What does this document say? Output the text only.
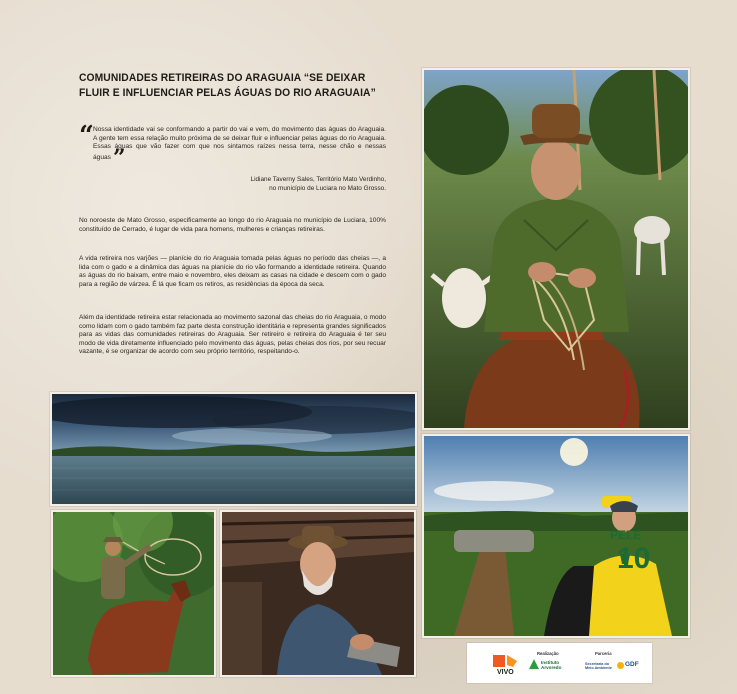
COMUNIDADES RETIREIRAS DO ARAGUAIA “SE DEIXAR FLUIR E INFLUENCIAR PELAS ÁGUAS DO RIO ARAGUAIA”
“ Nossa identidade vai se conformando a partir do vai e vem, do movimento das águas do Araguaia. A gente tem essa relação muito próxima de se deixar fluir e influenciar pelas águas do rio Araguaia. Essas águas que vão fazer com que nos sintamos raízes nessa terra, nesse chão e nessas águas”
Lidiane Taverny Sales, Território Mato Verdinho,
no município de Luciara no Mato Grosso.

No noroeste de Mato Grosso, especificamente ao longo do rio Araguaia no município de Luciara, 100% constituído de Cerrado, é lugar de vida para homens, mulheres e crianças retireiras.

A vida retireira nos varjões — planície do rio Araguaia tomada pelas águas no período das cheias —, a lida com o gado e a dinâmica das águas na planície do rio vão formando a identidade retireira. Quando as águas do rio baixam, entre maio e novembro, eles deixam as casas na cidade e descem com o gado para a região de várzea. É lá que ficam os retiros, as residências da época da seca.

Além da identidade retireira estar relacionada ao movimento sazonal das cheias do rio Araguaia, o modo como lidam com o gado também faz parte desta construção identitária e representa grandes significados para as vidas das comunidades retireiras do Araguaia. Ser retireiro e retireira do Araguaia é ter seu modo de vida diretamente influenciado pelo movimento das águas, pelas cheias dos rios, por seu recuar vazante, é se organizar de acordo com seu próprio território, respeitando-o.

PELE
10
Realização	Parceria
VIVO
Instituto Arvoredo
Secretaria do Meio Ambiente
GDF
